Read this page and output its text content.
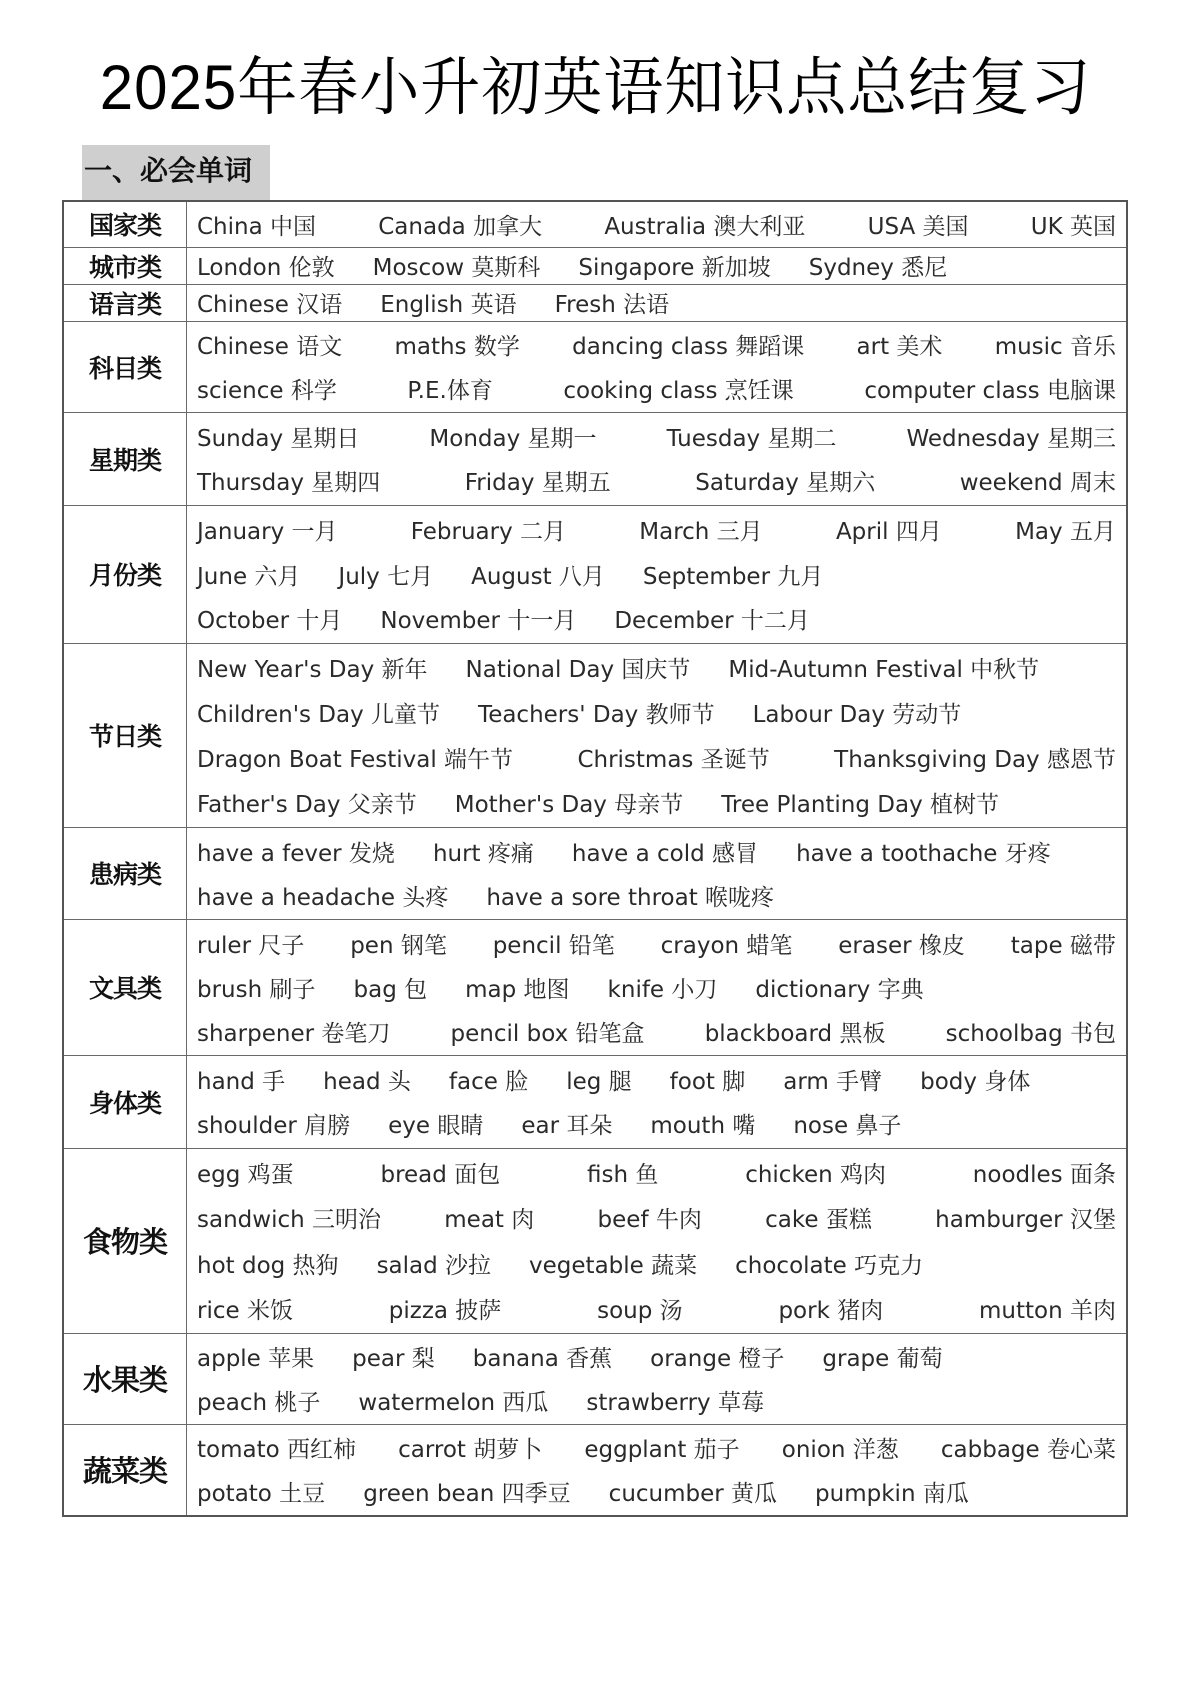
2025年春小升初英语知识点总结复习
一、必会单词
国家类	China 中国 Canada 加拿大 Australia 澳大利亚 USA 美国 UK 英国

城市类	London 伦敦 Moscow 莫斯科 Singapore 新加坡 Sydney 悉尼

语言类	Chinese 汉语 English 英语 Fresh 法语

科目类	
Chinese 语文 maths 数学 dancing class 舞蹈课 art 美术 music 音乐
science 科学	P.E.体育	cooking class 烹饪课	computer class 电脑课

星期类	
Sunday 星期日	Monday 星期一	Tuesday 星期二	Wednesday 星期三
Thursday 星期四	Friday 星期五	Saturday 星期六	weekend 周末

月份类	
January 一月	February 二月	March 三月	April 四月	May 五月
June 六月 July 七月 August 八月 September 九月
October 十月 November 十一月 December 十二月

节日类	
New Year's Day 新年 National Day 国庆节 Mid-Autumn Festival 中秋节
Children's Day 儿童节 Teachers' Day 教师节 Labour Day 劳动节
Dragon Boat Festival 端午节	Christmas 圣诞节	Thanksgiving Day 感恩节
Father's Day 父亲节 Mother's Day 母亲节 Tree Planting Day 植树节

患病类	
have a fever 发烧 hurt 疼痛 have a cold 感冒 have a toothache 牙疼
have a headache 头疼 have a sore throat 喉咙疼

文具类	
ruler 尺子 pen 钢笔 pencil 铅笔 crayon 蜡笔 eraser 橡皮 tape 磁带
brush 刷子 bag 包 map 地图 knife 小刀 dictionary 字典
sharpener 卷笔刀	pencil box 铅笔盒	blackboard 黑板	schoolbag 书包

身体类	
hand 手 head 头 face 脸 leg 腿 foot 脚 arm 手臂 body 身体
shoulder 肩膀 eye 眼睛 ear 耳朵 mouth 嘴 nose 鼻子

食物类	
egg 鸡蛋	bread 面包	fish 鱼	chicken 鸡肉	noodles 面条
sandwich 三明治	meat 肉	beef 牛肉	cake 蛋糕	hamburger 汉堡
hot dog 热狗 salad 沙拉 vegetable 蔬菜 chocolate 巧克力
rice 米饭	pizza 披萨	soup 汤	pork 猪肉	mutton 羊肉

水果类	
apple 苹果 pear 梨 banana 香蕉 orange 橙子 grape 葡萄
peach 桃子 watermelon 西瓜 strawberry 草莓

蔬菜类	
tomato 西红柿 carrot 胡萝卜 eggplant 茄子 onion 洋葱 cabbage 卷心菜
potato 土豆 green bean 四季豆 cucumber 黄瓜 pumpkin 南瓜
